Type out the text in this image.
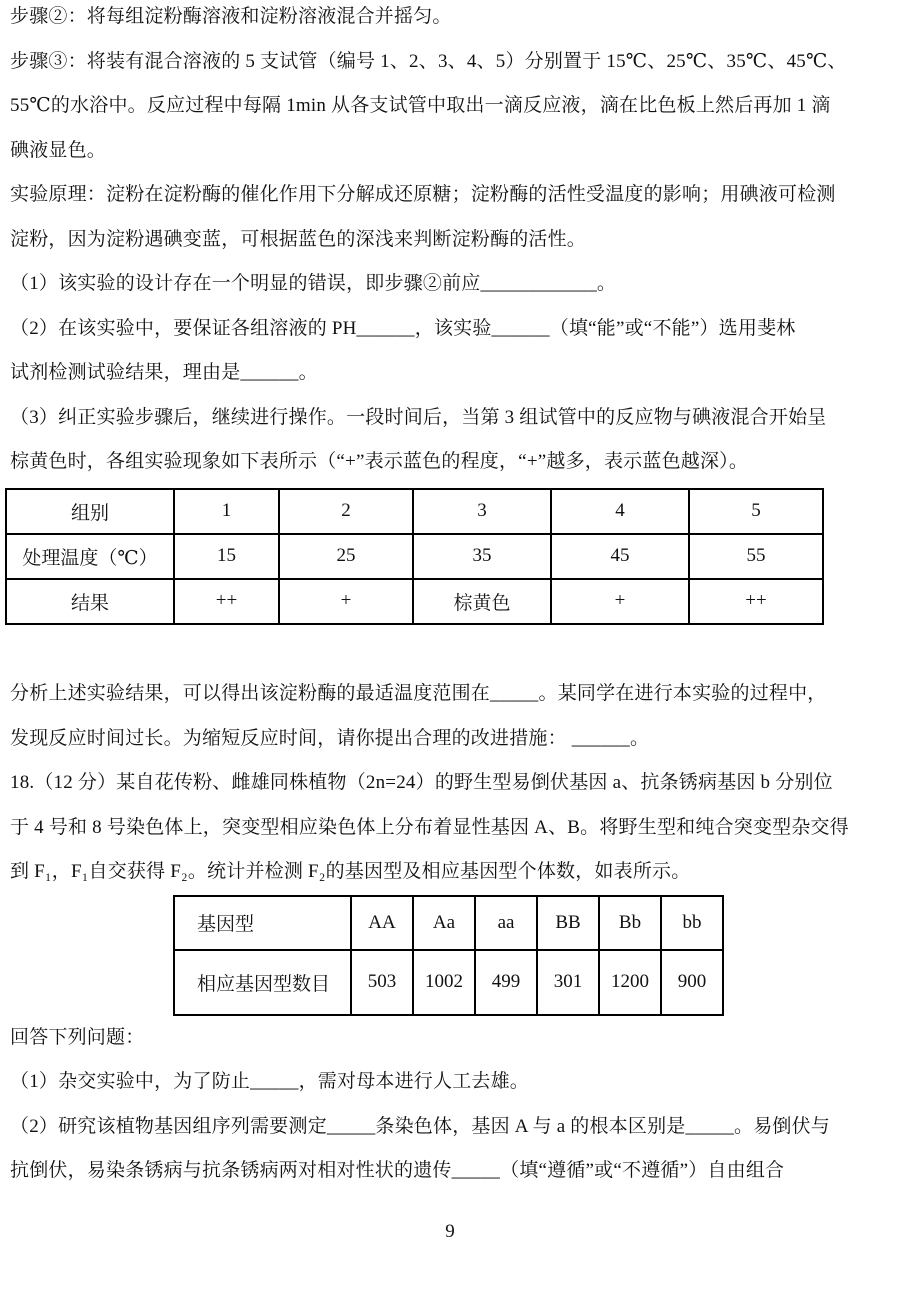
步骤②：将每组淀粉酶溶液和淀粉溶液混合并摇匀。
步骤③：将装有混合溶液的 5 支试管（编号 1、2、3、4、5）分别置于 15℃、25℃、35℃、45℃、
55℃的水浴中。反应过程中每隔 1min 从各支试管中取出一滴反应液，滴在比色板上然后再加 1 滴
碘液显色。
实验原理：淀粉在淀粉酶的催化作用下分解成还原糖；淀粉酶的活性受温度的影响；用碘液可检测
淀粉，因为淀粉遇碘变蓝，可根据蓝色的深浅来判断淀粉酶的活性。
（1）该实验的设计存在一个明显的错误，即步骤②前应____________。
（2）在该实验中，要保证各组溶液的 PH______，该实验______（填“能”或“不能”）选用斐林
试剂检测试验结果，理由是______。
（3）纠正实验步骤后，继续进行操作。一段时间后，当第 3 组试管中的反应物与碘液混合开始呈
棕黄色时，各组实验现象如下表所示（“+”表示蓝色的程度，“+”越多，表示蓝色越深）。
组别	1	2	3	4	5
处理温度（℃）	15	25	35	45	55
结果	++	+	棕黄色	+	++
分析上述实验结果，可以得出该淀粉酶的最适温度范围在_____。某同学在进行本实验的过程中，
发现反应时间过长。为缩短反应时间，请你提出合理的改进措施： ______。
18.（12 分）某自花传粉、雌雄同株植物（2n=24）的野生型易倒伏基因 a、抗条锈病基因 b 分别位
于 4 号和 8 号染色体上，突变型相应染色体上分布着显性基因 A、B。将野生型和纯合突变型杂交得
到 F₁，F₁自交获得 F₂。统计并检测 F₂的基因型及相应基因型个体数，如表所示。
基因型	AA	Aa	aa	BB	Bb	bb
相应基因型数目	503	1002	499	301	1200	900
回答下列问题：
（1）杂交实验中，为了防止_____，需对母本进行人工去雄。
（2）研究该植物基因组序列需要测定_____条染色体，基因 A 与 a 的根本区别是_____。易倒伏与
抗倒伏，易染条锈病与抗条锈病两对相对性状的遗传_____（填“遵循”或“不遵循”）自由组合
9
